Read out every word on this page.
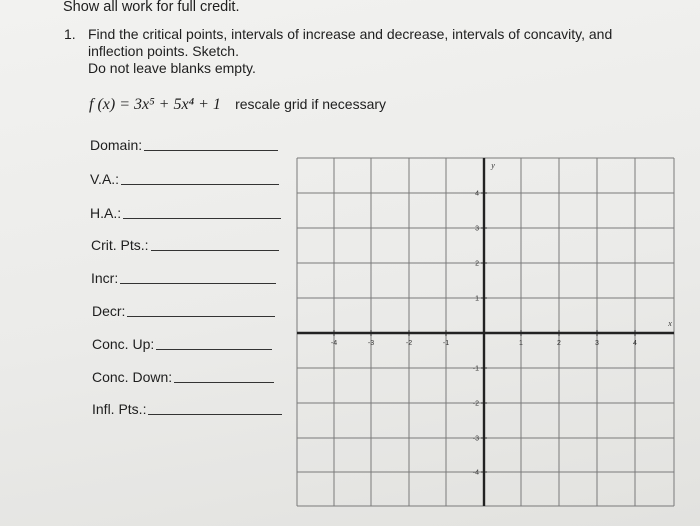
Show all work for full credit.
1. Find the critical points, intervals of increase and decrease, intervals of concavity, and
inflection points. Sketch.
Do not leave blanks empty.
f (x) = 3x⁵ + 5x⁴ + 1 rescale grid if necessary
Domain:
V.A.:
H.A.:
Crit. Pts.:
Incr:
Decr:
Conc. Up:
Conc. Down:
Infl. Pts.:
-4	-3	-2	-1	1	2	3	4
4
3
2
1
-1
-2
-3
-4
x
y
